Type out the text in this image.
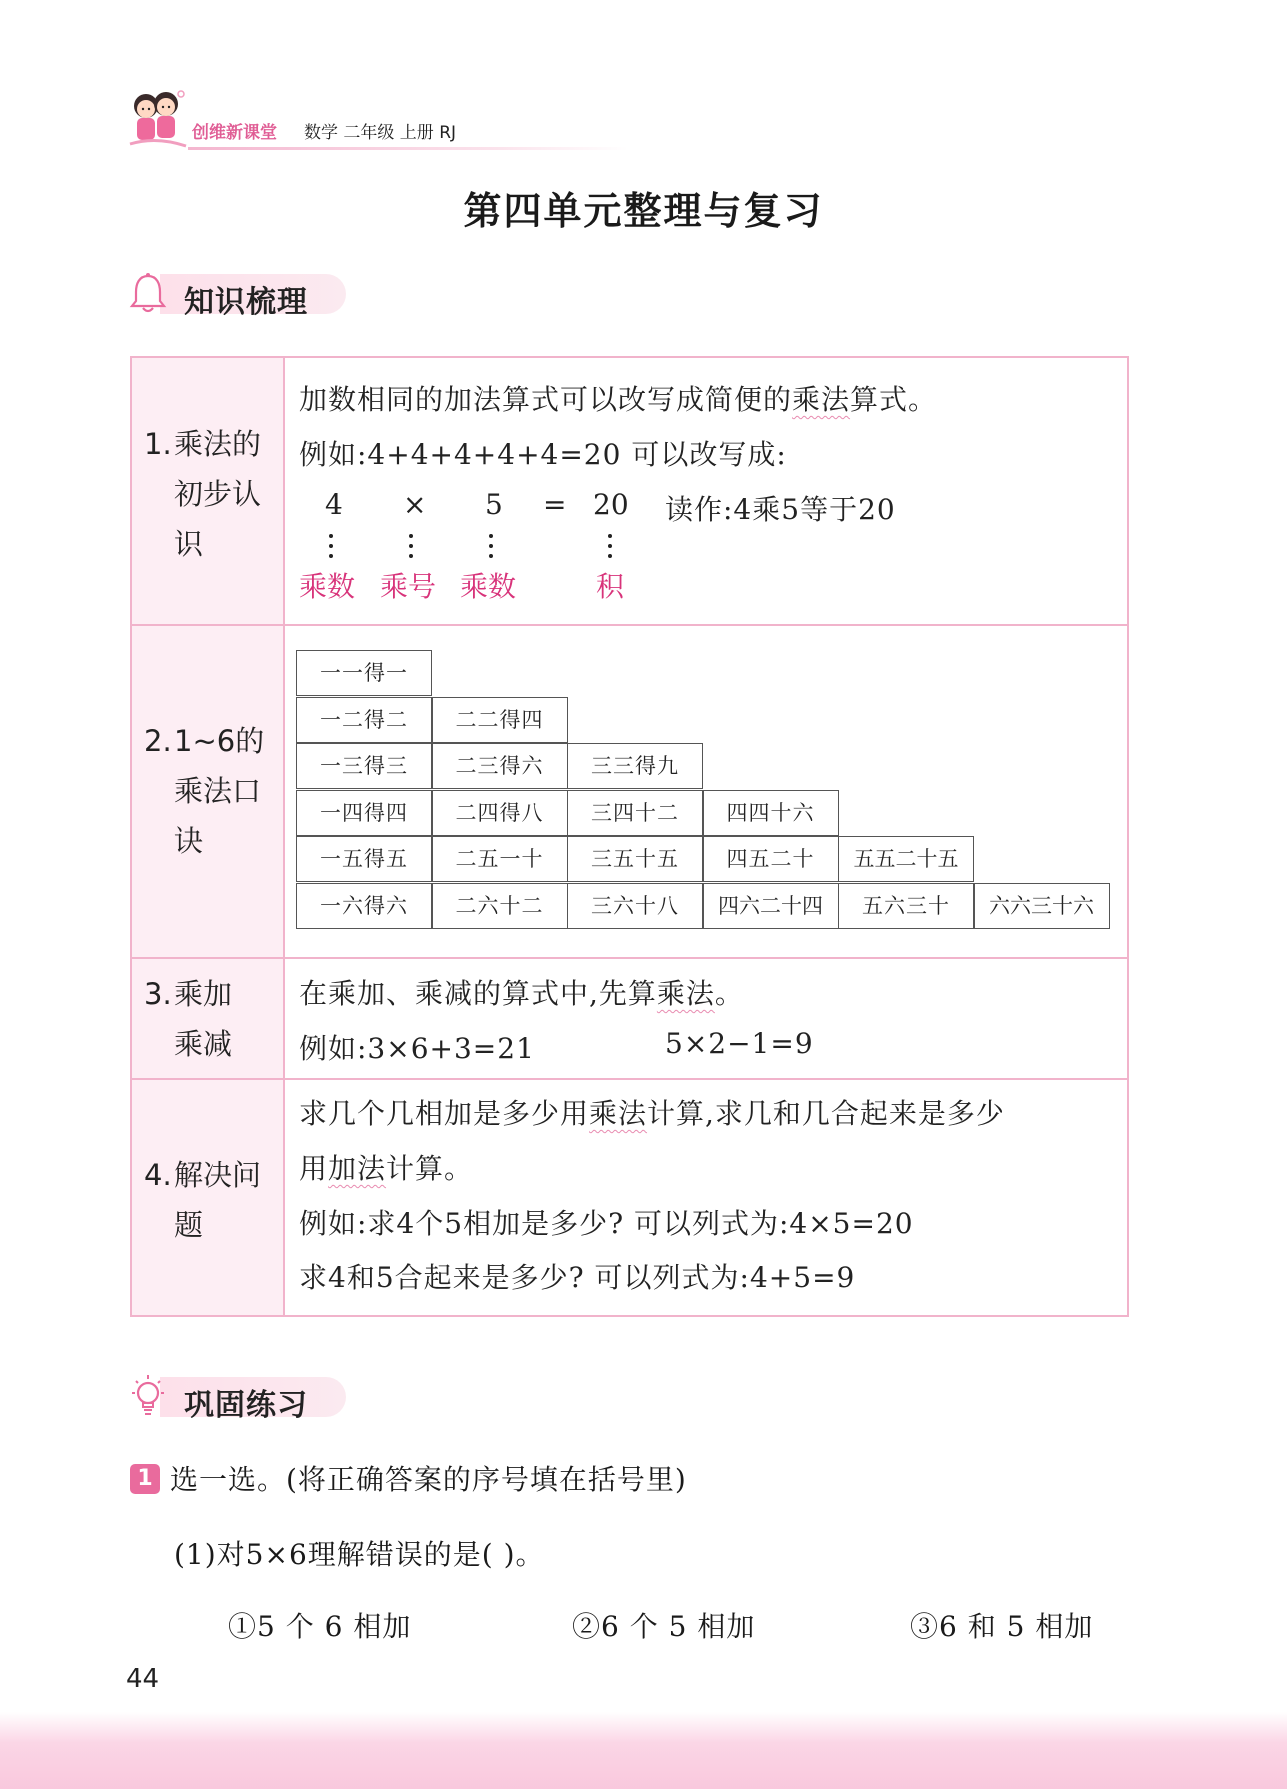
创维新课堂 数学 二年级 上册 RJ
第四单元整理与复习
知识梳理
1. 乘法的初步认识
加数相同的加法算式可以改写成简便的乘法算式。
例如:4+4+4+4+4=20 可以改写成:
4 × 5 = 20 读作:4乘5等于20
乘数 乘号 乘数	积
2. 1~6的乘法口诀
一一得一
一二得二	二二得四
一三得三	二三得六	三三得九
一四得四	二四得八	三四十二	四四十六
一五得五	二五一十	三五十五	四五二十	五五二十五
一六得六	二六十二	三六十八	四六二十四	五六三十	六六三十六
3. 乘加乘减
在乘加、乘减的算式中,先算乘法。
例如:3×6+3=21	5×2−1=9
4. 解决问题
求几个几相加是多少用乘法计算,求几和几合起来是多少
用加法计算。
例如:求4个5相加是多少? 可以列式为:4×5=20
求4和5合起来是多少? 可以列式为:4+5=9
巩固练习
1 选一选。(将正确答案的序号填在括号里)
(1)对5×6理解错误的是( )。
①5 个 6 相加	②6 个 5 相加	③6 和 5 相加
44
